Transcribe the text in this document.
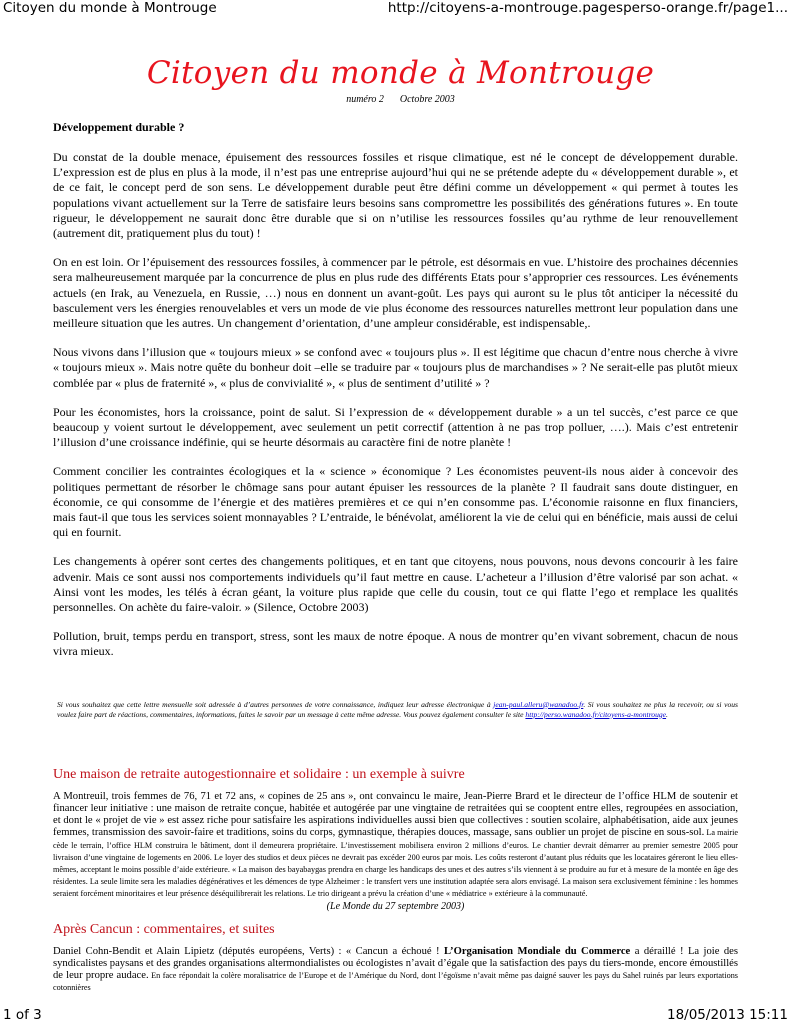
Citoyen du monde à Montrouge	http://citoyens-a-montrouge.pagesperso-orange.fr/page1...
Citoyen du monde à Montrouge
numéro 2 Octobre 2003
Développement durable ?

Du constat de la double menace, épuisement des ressources fossiles et risque climatique, est né le concept de développement durable. L’expression est de plus en plus à la mode, il n’est pas une entreprise aujourd’hui qui ne se prétende adepte du « développement durable », et de ce fait, le concept perd de son sens. Le développement durable peut être défini comme un développement « qui permet à toutes les populations vivant actuellement sur la Terre de satisfaire leurs besoins sans compromettre les possibilités des générations futures ». En toute rigueur, le développement ne saurait donc être durable que si on n’utilise les ressources fossiles qu’au rythme de leur renouvellement (autrement dit, pratiquement plus du tout) !

On en est loin. Or l’épuisement des ressources fossiles, à commencer par le pétrole, est désormais en vue. L’histoire des prochaines décennies sera malheureusement marquée par la concurrence de plus en plus rude des différents Etats pour s’approprier ces ressources. Les événements actuels (en Irak, au Venezuela, en Russie, …) nous en donnent un avant-goût. Les pays qui auront su le plus tôt anticiper la nécessité du basculement vers les énergies renouvelables et vers un mode de vie plus économe des ressources naturelles mettront leur population dans une meilleure situation que les autres. Un changement d’orientation, d’une ampleur considérable, est indispensable,.

Nous vivons dans l’illusion que « toujours mieux » se confond avec « toujours plus ». Il est légitime que chacun d’entre nous cherche à vivre « toujours mieux ». Mais notre quête du bonheur doit –elle se traduire par « toujours plus de marchandises » ? Ne serait-elle pas plutôt mieux comblée par « plus de fraternité », « plus de convivialité », « plus de sentiment d’utilité » ?

Pour les économistes, hors la croissance, point de salut. Si l’expression de « développement durable » a un tel succès, c’est parce ce que beaucoup y voient surtout le développement, avec seulement un petit correctif (attention à ne pas trop polluer, ….). Mais c’est entretenir l’illusion d’une croissance indéfinie, qui se heurte désormais au caractère fini de notre planète !

Comment concilier les contraintes écologiques et la « science » économique ? Les économistes peuvent-ils nous aider à concevoir des politiques permettant de résorber le chômage sans pour autant épuiser les ressources de la planète ? Il faudrait sans doute distinguer, en économie, ce qui consomme de l’énergie et des matières premières et ce qui n’en consomme pas. L’économie raisonne en flux financiers, mais faut-il que tous les services soient monnayables ? L’entraide, le bénévolat, améliorent la vie de celui qui en bénéficie, mais aussi de celui qui en fournit.

Les changements à opérer sont certes des changements politiques, et en tant que citoyens, nous pouvons, nous devons concourir à les faire advenir. Mais ce sont aussi nos comportements individuels qu’il faut mettre en cause. L’acheteur a l’illusion d’être valorisé par son achat. « Ainsi vont les modes, les télés à écran géant, la voiture plus rapide que celle du cousin, tout ce qui flatte l’ego et remplace les qualités personnelles. On achète du faire-valoir. » (Silence, Octobre 2003)

Pollution, bruit, temps perdu en transport, stress, sont les maux de notre époque. A nous de montrer qu’en vivant sobrement, chacun de nous vivra mieux.

Si vous souhaitez que cette lettre mensuelle soit adressée à d’autres personnes de votre connaissance, indiquez leur adresse électronique à jean-paul.alleru@wanadoo.fr. Si vous souhaitez ne plus la recevoir, ou si vous voulez faire part de réactions, commentaires, informations, faites le savoir par un message à cette même adresse. Vous pouvez également consulter le site http://perso.wanadoo.fr/citoyens-a-montrouge.
Une maison de retraite autogestionnaire et solidaire : un exemple à suivre
A Montreuil, trois femmes de 76, 71 et 72 ans, « copines de 25 ans », ont convaincu le maire, Jean-Pierre Brard et le directeur de l’office HLM de soutenir et financer leur initiative : une maison de retraite conçue, habitée et autogérée par une vingtaine de retraitées qui se cooptent entre elles, regroupées en association, et dont le « projet de vie » est assez riche pour satisfaire les aspirations individuelles aussi bien que collectives : soutien scolaire, alphabétisation, aide aux jeunes femmes, transmission des savoir-faire et traditions, soins du corps, gymnastique, thérapies douces, massage, sans oublier un projet de piscine en sous-sol. La mairie cède le terrain, l’office HLM construira le bâtiment, dont il demeurera propriétaire. L’investissement mobilisera environ 2 millions d’euros. Le chantier devrait démarrer au premier semestre 2005 pour livraison d’une vingtaine de logements en 2006. Le loyer des studios et deux pièces ne devrait pas excéder 200 euros par mois. Les coûts resteront d’autant plus réduits que les locataires géreront le lieu elles-mêmes, acceptant le moins possible d’aide extérieure. « La maison des bayabaygas prendra en charge les handicaps des unes et des autres s’ils viennent à se produire au fur et à mesure de la montée en âge des résidentes. La seule limite sera les maladies dégénératives et les démences de type Alzheimer : le transfert vers une institution adaptée sera alors envisagé. La maison sera exclusivement féminine : les hommes seraient forcément minoritaires et leur présence déséquilibrerait les relations. Le trio dirigeant a prévu la création d’une « médiatrice » extérieure à la communauté.
(Le Monde du 27 septembre 2003)
Après Cancun : commentaires, et suites
Daniel Cohn-Bendit et Alain Lipietz (députés européens, Verts) : « Cancun a échoué ! L’Organisation Mondiale du Commerce a déraillé ! La joie des syndicalistes paysans et des grandes organisations altermondialistes ou écologistes n’avait d’égale que la satisfaction des pays du tiers-monde, encore émoustillés de leur propre audace. En face répondait la colère moralisatrice de l’Europe et de l’Amérique du Nord, dont l’égoïsme n’avait même pas daigné sauver les pays du Sahel ruinés par leurs exportations cotonnières
1 of 3	18/05/2013 15:11
